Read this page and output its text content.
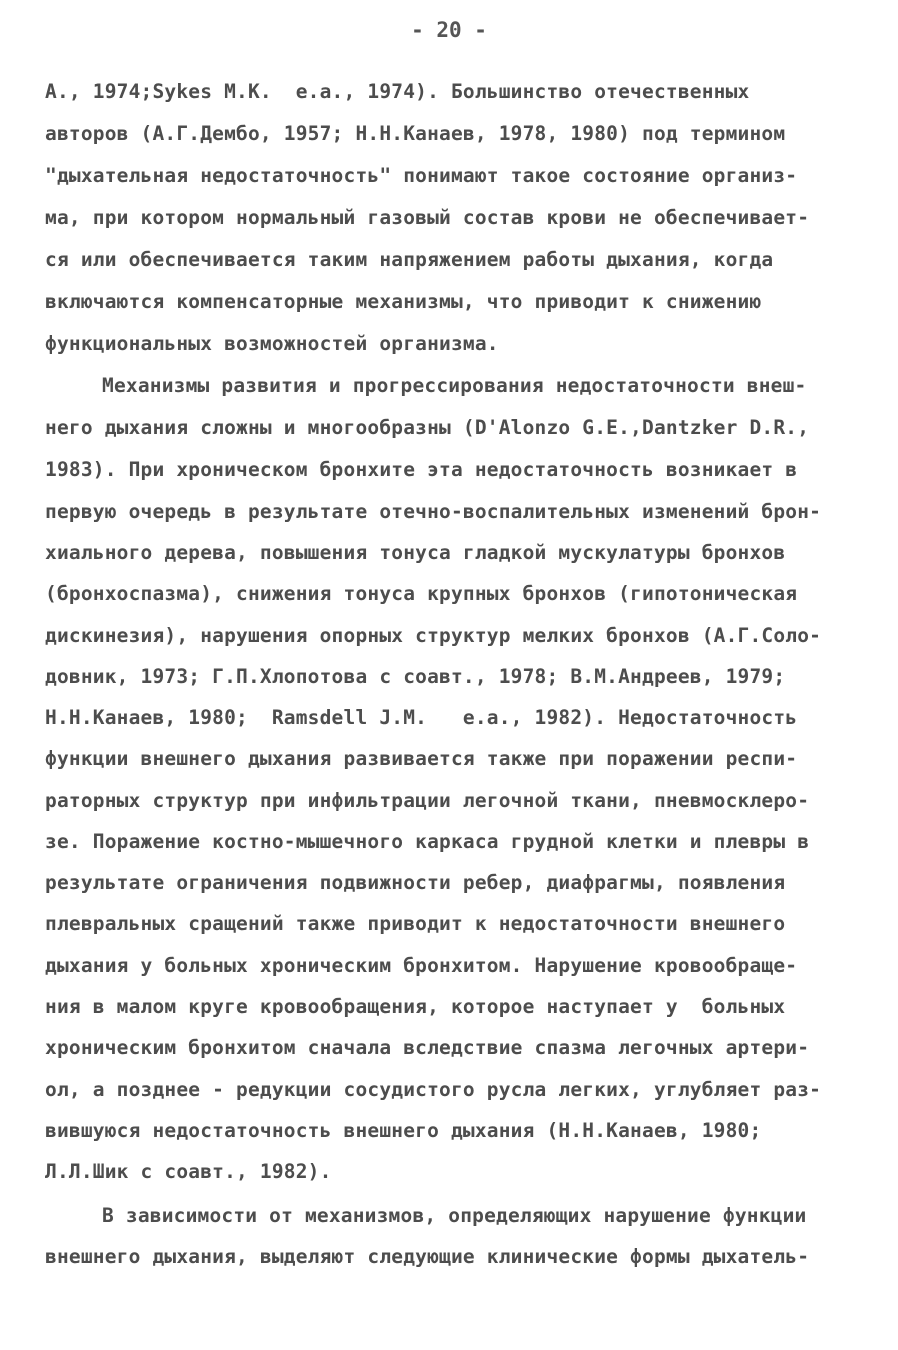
- 20 -
А., 1974;Sykes M.K.  e.a., 1974). Большинство отечественных
авторов (А.Г.Дембо, 1957; Н.Н.Канаев, 1978, 1980) под термином
"дыхательная недостаточность" понимают такое состояние организ-
ма, при котором нормальный газовый состав крови не обеспечивает-
ся или обеспечивается таким напряжением работы дыхания, когда
включаются компенсаторные механизмы, что приводит к снижению
функциональных возможностей организма.
Механизмы развития и прогрессирования недостаточности внеш-
него дыхания сложны и многообразны (D'Alonzo G.E.,Dantzker D.R.,
1983). При хроническом бронхите эта недостаточность возникает в
первую очередь в результате отечно-воспалительных изменений брон-
хиального дерева, повышения тонуса гладкой мускулатуры бронхов
(бронхоспазма), снижения тонуса крупных бронхов (гипотоническая
дискинезия), нарушения опорных структур мелких бронхов (А.Г.Соло-
довник, 1973; Г.П.Хлопотова с соавт., 1978; В.М.Андреев, 1979;
Н.Н.Канаев, 1980;  Ramsdell J.M.   e.a., 1982). Недостаточность
функции внешнего дыхания развивается также при поражении респи-
раторных структур при инфильтрации легочной ткани, пневмосклеро-
зе. Поражение костно-мышечного каркаса грудной клетки и плевры в
результате ограничения подвижности ребер, диафрагмы, появления
плевральных сращений также приводит к недостаточности внешнего
дыхания у больных хроническим бронхитом. Нарушение кровообраще-
ния в малом круге кровообращения, которое наступает у  больных
хроническим бронхитом сначала вследствие спазма легочных артери-
ол, а позднее - редукции сосудистого русла легких, углубляет раз-
вившуюся недостаточность внешнего дыхания (Н.Н.Канаев, 1980;
Л.Л.Шик с соавт., 1982).
В зависимости от механизмов, определяющих нарушение функции
внешнего дыхания, выделяют следующие клинические формы дыхатель-
